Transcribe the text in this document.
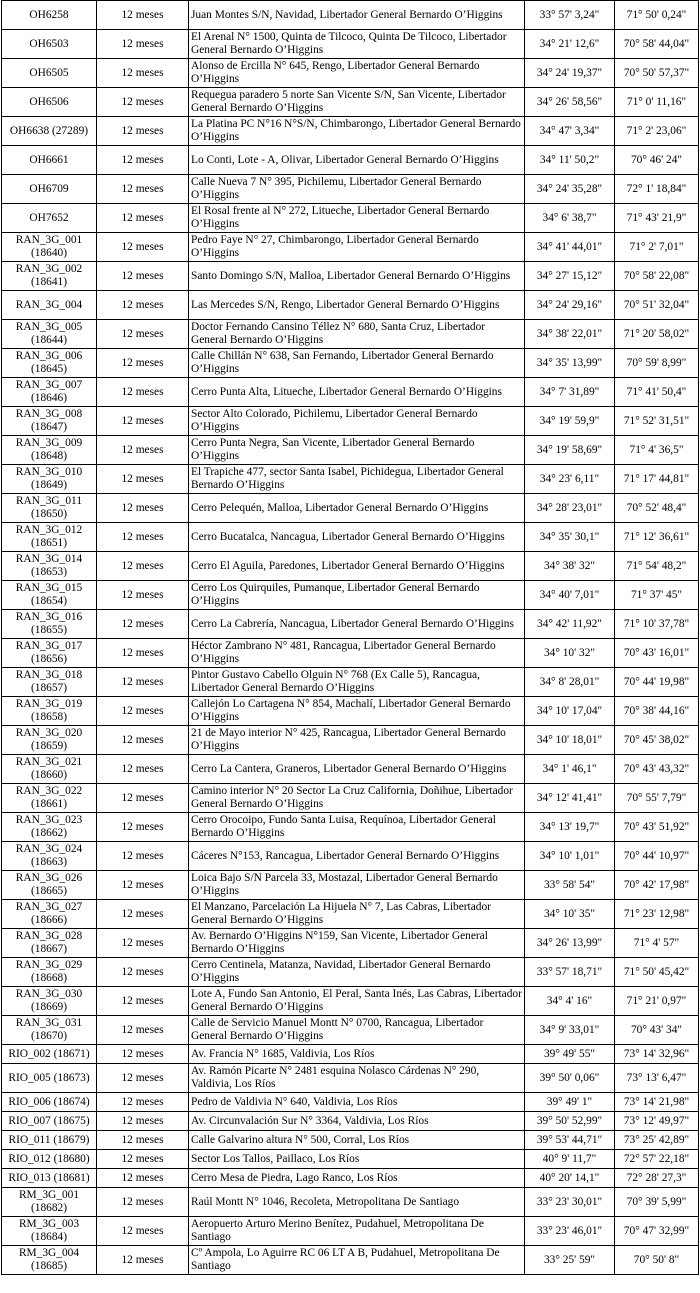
OH6258	12 meses	Juan Montes S/N, Navidad, Libertador General Bernardo O’Higgins	33° 57' 3,24"	71° 50' 0,24"
OH6503	12 meses	El Arenal N° 1500, Quinta de Tilcoco, Quinta De Tilcoco, Libertador General Bernardo O’Higgins	34° 21' 12,6"	70° 58' 44,04"
OH6505	12 meses	Alonso de Ercilla N° 645, Rengo, Libertador General Bernardo O’Higgins	34° 24' 19,37"	70° 50' 57,37"
OH6506	12 meses	Requegua paradero 5 norte San Vicente S/N, San Vicente, Libertador General Bernardo O’Higgins	34° 26' 58,56"	71° 0' 11,16"
OH6638 (27289)	12 meses	La Platina PC N°16 N°S/N, Chimbarongo, Libertador General Bernardo O’Higgins	34° 47' 3,34"	71° 2' 23,06"
OH6661	12 meses	Lo Conti, Lote - A, Olivar, Libertador General Bernardo O’Higgins	34° 11' 50,2"	70° 46' 24"
OH6709	12 meses	Calle Nueva 7 N° 395, Pichilemu, Libertador General Bernardo O’Higgins	34° 24' 35,28"	72° 1' 18,84"
OH7652	12 meses	El Rosal frente al N° 272, Litueche, Libertador General Bernardo O’Higgins	34° 6' 38,7"	71° 43' 21,9"
RAN_3G_001 (18640)	12 meses	Pedro Faye N° 27, Chimbarongo, Libertador General Bernardo O’Higgins	34° 41' 44,01"	71° 2' 7,01"
RAN_3G_002 (18641)	12 meses	Santo Domingo S/N, Malloa, Libertador General Bernardo O’Higgins	34° 27' 15,12"	70° 58' 22,08"
RAN_3G_004	12 meses	Las Mercedes S/N, Rengo, Libertador General Bernardo O’Higgins	34° 24' 29,16"	70° 51' 32,04"
RAN_3G_005 (18644)	12 meses	Doctor Fernando Cansino Téllez N° 680, Santa Cruz, Libertador General Bernardo O’Higgins	34° 38' 22,01"	71° 20' 58,02"
RAN_3G_006 (18645)	12 meses	Calle Chillán N° 638, San Fernando, Libertador General Bernardo O’Higgins	34° 35' 13,99"	70° 59' 8,99"
RAN_3G_007 (18646)	12 meses	Cerro Punta Alta, Litueche, Libertador General Bernardo O’Higgins	34° 7' 31,89"	71° 41' 50,4"
RAN_3G_008 (18647)	12 meses	Sector Alto Colorado, Pichilemu, Libertador General Bernardo O’Higgins	34° 19' 59,9"	71° 52' 31,51"
RAN_3G_009 (18648)	12 meses	Cerro Punta Negra, San Vicente, Libertador General Bernardo O’Higgins	34° 19' 58,69"	71° 4' 36,5"
RAN_3G_010 (18649)	12 meses	El Trapiche 477, sector Santa Isabel, Pichidegua, Libertador General Bernardo O’Higgins	34° 23' 6,11"	71° 17' 44,81"
RAN_3G_011 (18650)	12 meses	Cerro Pelequén, Malloa, Libertador General Bernardo O’Higgins	34° 28' 23,01"	70° 52' 48,4"
RAN_3G_012 (18651)	12 meses	Cerro Bucatalca, Nancagua, Libertador General Bernardo O’Higgins	34° 35' 30,1"	71° 12' 36,61"
RAN_3G_014 (18653)	12 meses	Cerro El Aguila, Paredones, Libertador General Bernardo O’Higgins	34° 38' 32"	71° 54' 48,2"
RAN_3G_015 (18654)	12 meses	Cerro Los Quirquiles, Pumanque, Libertador General Bernardo O’Higgins	34° 40' 7,01"	71° 37' 45"
RAN_3G_016 (18655)	12 meses	Cerro La Cabrería, Nancagua, Libertador General Bernardo O’Higgins	34° 42' 11,92"	71° 10' 37,78"
RAN_3G_017 (18656)	12 meses	Héctor Zambrano N° 481, Rancagua, Libertador General Bernardo O’Higgins	34° 10' 32"	70° 43' 16,01"
RAN_3G_018 (18657)	12 meses	Pintor Gustavo Cabello Olguin N° 768 (Ex Calle 5), Rancagua, Libertador General Bernardo O’Higgins	34° 8' 28,01"	70° 44' 19,98"
RAN_3G_019 (18658)	12 meses	Callejón Lo Cartagena N° 854, Machalí, Libertador General Bernardo O’Higgins	34° 10' 17,04"	70° 38' 44,16"
RAN_3G_020 (18659)	12 meses	21 de Mayo interior N° 425, Rancagua, Libertador General Bernardo O’Higgins	34° 10' 18,01"	70° 45' 38,02"
RAN_3G_021 (18660)	12 meses	Cerro La Cantera, Graneros, Libertador General Bernardo O’Higgins	34° 1' 46,1"	70° 43' 43,32"
RAN_3G_022 (18661)	12 meses	Camino interior N° 20 Sector La Cruz California, Doñihue, Libertador General Bernardo O’Higgins	34° 12' 41,41"	70° 55' 7,79"
RAN_3G_023 (18662)	12 meses	Cerro Orocoipo, Fundo Santa Luisa, Requínoa, Libertador General Bernardo O’Higgins	34° 13' 19,7"	70° 43' 51,92"
RAN_3G_024 (18663)	12 meses	Cáceres N°153, Rancagua, Libertador General Bernardo O’Higgins	34° 10' 1,01"	70° 44' 10,97"
RAN_3G_026 (18665)	12 meses	Loica Bajo S/N Parcela 33, Mostazal, Libertador General Bernardo O’Higgins	33° 58' 54"	70° 42' 17,98"
RAN_3G_027 (18666)	12 meses	El Manzano, Parcelación La Hijuela N° 7, Las Cabras, Libertador General Bernardo O’Higgins	34° 10' 35"	71° 23' 12,98"
RAN_3G_028 (18667)	12 meses	Av. Bernardo O’Higgins N°159, San Vicente, Libertador General Bernardo O’Higgins	34° 26' 13,99"	71° 4' 57"
RAN_3G_029 (18668)	12 meses	Cerro Centinela, Matanza, Navidad, Libertador General Bernardo O’Higgins	33° 57' 18,71"	71° 50' 45,42"
RAN_3G_030 (18669)	12 meses	Lote A, Fundo San Antonio, El Peral, Santa Inés, Las Cabras, Libertador General Bernardo O’Higgins	34° 4' 16"	71° 21' 0,97"
RAN_3G_031 (18670)	12 meses	Calle de Servicio Manuel Montt N° 0700, Rancagua, Libertador General Bernardo O’Higgins	34° 9' 33,01"	70° 43' 34"
RIO_002 (18671)	12 meses	Av. Francia N° 1685, Valdivia, Los Ríos	39° 49' 55"	73° 14' 32,96"
RIO_005 (18673)	12 meses	Av. Ramón Picarte N° 2481 esquina Nolasco Cárdenas N° 290, Valdivia, Los Ríos	39° 50' 0,06"	73° 13' 6,47"
RIO_006 (18674)	12 meses	Pedro de Valdivia N° 640, Valdivia, Los Ríos	39° 49' 1"	73° 14' 21,98"
RIO_007 (18675)	12 meses	Av. Circunvalación Sur N° 3364, Valdivia, Los Ríos	39° 50' 52,99"	73° 12' 49,97"
RIO_011 (18679)	12 meses	Calle Galvarino altura N° 500, Corral, Los Ríos	39° 53' 44,71"	73° 25' 42,89"
RIO_012 (18680)	12 meses	Sector Los Tallos, Paillaco, Los Ríos	40° 9' 11,7"	72° 57' 22,18"
RIO_013 (18681)	12 meses	Cerro Mesa de Piedra, Lago Ranco, Los Ríos	40° 20' 14,1"	72° 28' 27,3"
RM_3G_001 (18682)	12 meses	Raúl Montt N° 1046, Recoleta, Metropolitana De Santiago	33° 23' 30,01"	70° 39' 5,99"
RM_3G_003 (18684)	12 meses	Aeropuerto Arturo Merino Benítez, Pudahuel, Metropolitana De Santiago	33° 23' 46,01"	70° 47' 32,99"
RM_3G_004 (18685)	12 meses	Cº Ampola, Lo Aguirre RC 06 LT A B, Pudahuel, Metropolitana De Santiago	33° 25' 59"	70° 50' 8"
